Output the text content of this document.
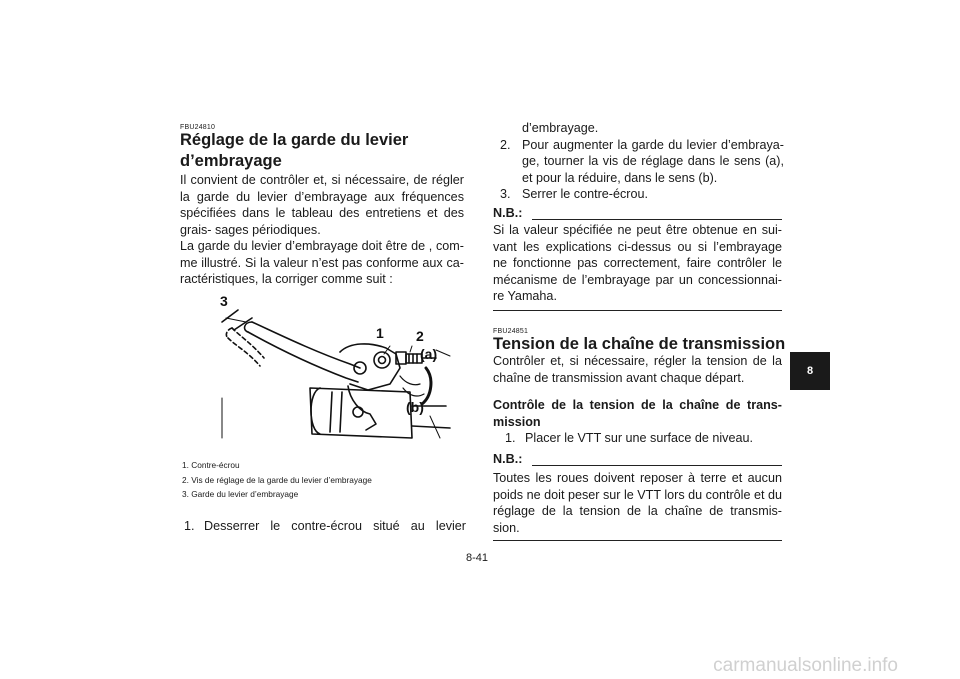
FBU24810
Réglage de la garde du levier
d’embrayage
Il convient de contrôler et, si nécessaire, de régler la garde du levier d’embrayage aux fréquences spécifiées dans le tableau des entretiens et des grais- sages périodiques.
La garde du levier d’embrayage doit être de , com- me illustré. Si la valeur n’est pas conforme aux ca- ractéristiques, la corriger comme suit :
3
1 2
(a)
(b)
1. Contre-écrou
2. Vis de réglage de la garde du levier d’embrayage
3. Garde du levier d’embrayage
1. Desserrer le contre-écrou situé au levier
d’embrayage.
2. Pour augmenter la garde du levier d’embraya- ge, tourner la vis de réglage dans le sens (a), et pour la réduire, dans le sens (b).
3. Serrer le contre-écrou.
N.B.:
Si la valeur spécifiée ne peut être obtenue en sui- vant les explications ci-dessus ou si l’embrayage ne fonctionne pas correctement, faire contrôler le mécanisme de l’embrayage par un concessionnai- re Yamaha.
FBU24851
Tension de la chaîne de transmission
Contrôler et, si nécessaire, régler la tension de la chaîne de transmission avant chaque départ.
Contrôle de la tension de la chaîne de trans- mission
1. Placer le VTT sur une surface de niveau.
N.B.:
Toutes les roues doivent reposer à terre et aucun poids ne doit peser sur le VTT lors du contrôle et du réglage de la tension de la chaîne de transmis- sion.
8-41
8
carmanualsonline.info
